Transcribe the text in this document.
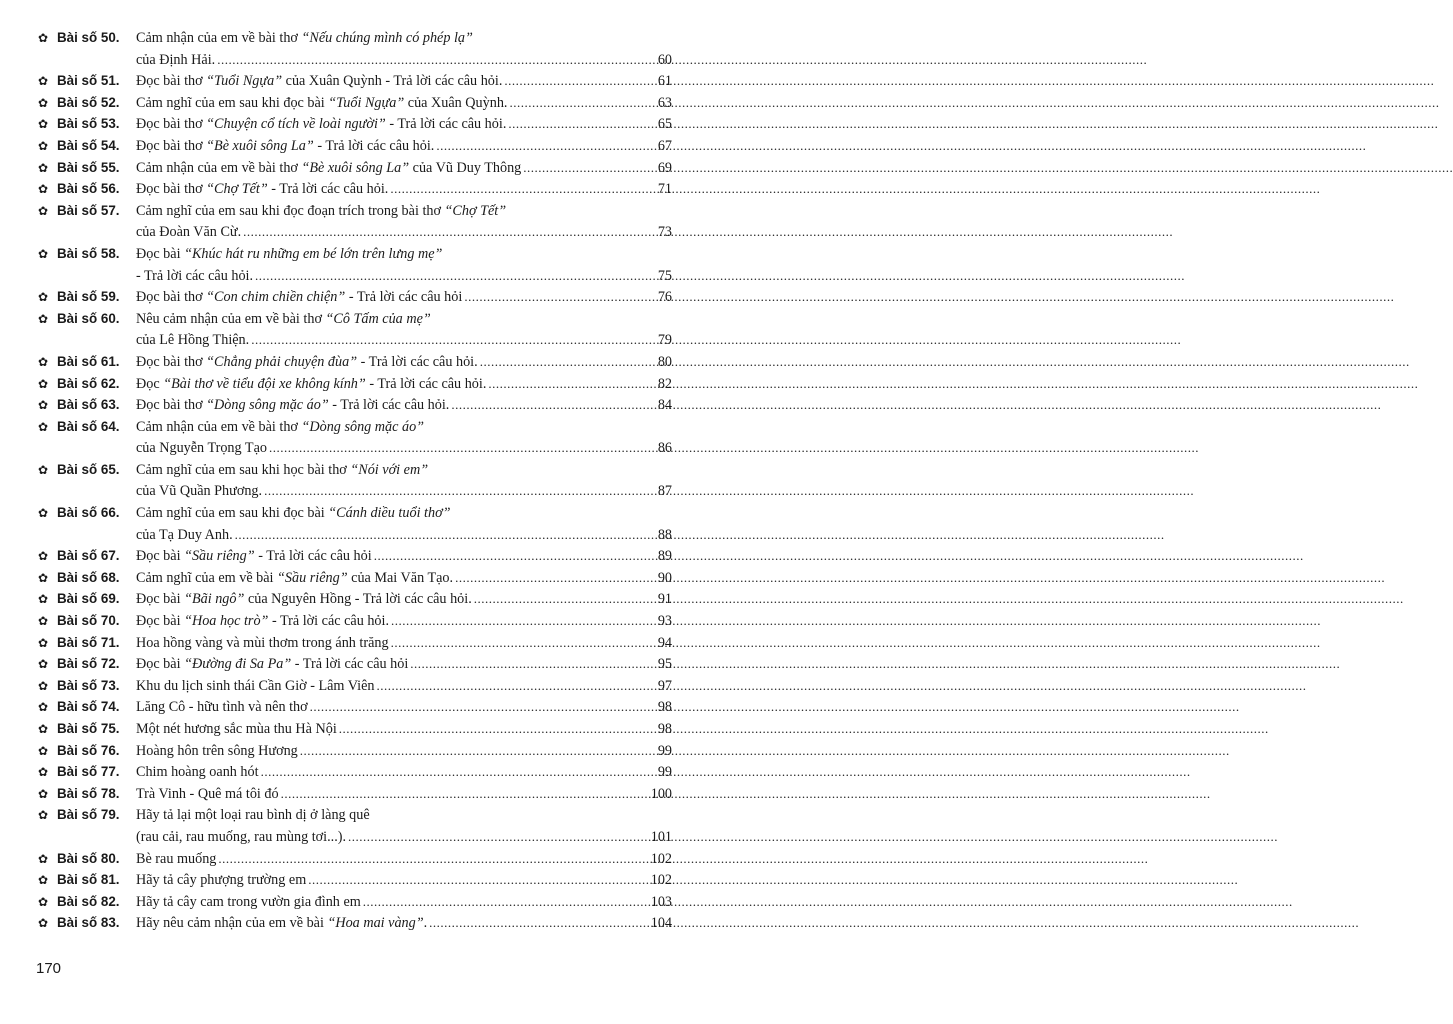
✿ Bài số 50.	Cảm nhận của em về bài thơ “Nếu chúng mình có phép lạ”
của Định Hải. .....	60
✿ Bài số 51.	Đọc bài thơ “Tuổi Ngựa” của Xuân Quỳnh - Trả lời các câu hỏi. .....	61
✿ Bài số 52.	Cảm nghĩ của em sau khi đọc bài “Tuổi Ngựa” của Xuân Quỳnh. .....	63
✿ Bài số 53.	Đọc bài thơ “Chuyện cổ tích về loài người” - Trả lời các câu hỏi. .....	65
✿ Bài số 54.	Đọc bài thơ “Bè xuôi sông La” - Trả lời các câu hỏi. .....	67
✿ Bài số 55.	Cảm nhận của em về bài thơ “Bè xuôi sông La” của Vũ Duy Thông .....	69
✿ Bài số 56.	Đọc bài thơ “Chợ Tết” - Trả lời các câu hỏi. .....	71
✿ Bài số 57.	Cảm nghĩ của em sau khi đọc đoạn trích trong bài thơ “Chợ Tết”
của Đoàn Văn Cừ. .....	73
✿ Bài số 58.	Đọc bài “Khúc hát ru những em bé lớn trên lưng mẹ”
- Trả lời các câu hỏi. .....	75
✿ Bài số 59.	Đọc bài thơ “Con chim chiền chiện” - Trả lời các câu hỏi .....	76
✿ Bài số 60.	Nêu cảm nhận của em về bài thơ “Cô Tấm của mẹ”
của Lê Hồng Thiện. .....	79
✿ Bài số 61.	Đọc bài thơ “Chẳng phải chuyện đùa” - Trả lời các câu hỏi. .....	80
✿ Bài số 62.	Đọc “Bài thơ về tiểu đội xe không kính” - Trả lời các câu hỏi. .....	82
✿ Bài số 63.	Đọc bài thơ “Dòng sông mặc áo” - Trả lời các câu hỏi. .....	84
✿ Bài số 64.	Cảm nhận của em về bài thơ “Dòng sông mặc áo”
của Nguyễn Trọng Tạo .....	86
✿ Bài số 65.	Cảm nghĩ của em sau khi học bài thơ “Nói với em”
của Vũ Quần Phương. .....	87
✿ Bài số 66.	Cảm nghĩ của em sau khi đọc bài “Cánh diều tuổi thơ”
của Tạ Duy Anh. .....	88
✿ Bài số 67.	Đọc bài “Sầu riêng” - Trả lời các câu hỏi .....	89
✿ Bài số 68.	Cảm nghĩ của em về bài “Sầu riêng” của Mai Văn Tạo. .....	90
✿ Bài số 69.	Đọc bài “Bãi ngô” của Nguyên Hồng - Trả lời các câu hỏi. .....	91
✿ Bài số 70.	Đọc bài “Hoa học trò” - Trả lời các câu hỏi. .....	93
✿ Bài số 71.	Hoa hồng vàng và mùi thơm trong ánh trăng .....	94
✿ Bài số 72.	Đọc bài “Đường đi Sa Pa” - Trả lời các câu hỏi .....	95
✿ Bài số 73.	Khu du lịch sinh thái Cần Giờ - Lâm Viên .....	97
✿ Bài số 74.	Lăng Cô - hữu tình và nên thơ .....	98
✿ Bài số 75.	Một nét hương sắc mùa thu Hà Nội .....	98
✿ Bài số 76.	Hoàng hôn trên sông Hương .....	99
✿ Bài số 77.	Chim hoàng oanh hót .....	99
✿ Bài số 78.	Trà Vinh - Quê má tôi đó .....	100
✿ Bài số 79.	Hãy tả lại một loại rau bình dị ở làng quê
(rau cải, rau muống, rau mùng tơi...). .....	101
✿ Bài số 80.	Bè rau muống .....	102
✿ Bài số 81.	Hãy tả cây phượng trường em .....	102
✿ Bài số 82.	Hãy tả cây cam trong vườn gia đình em .....	103
✿ Bài số 83.	Hãy nêu cảm nhận của em về bài “Hoa mai vàng”. .....	104
170
